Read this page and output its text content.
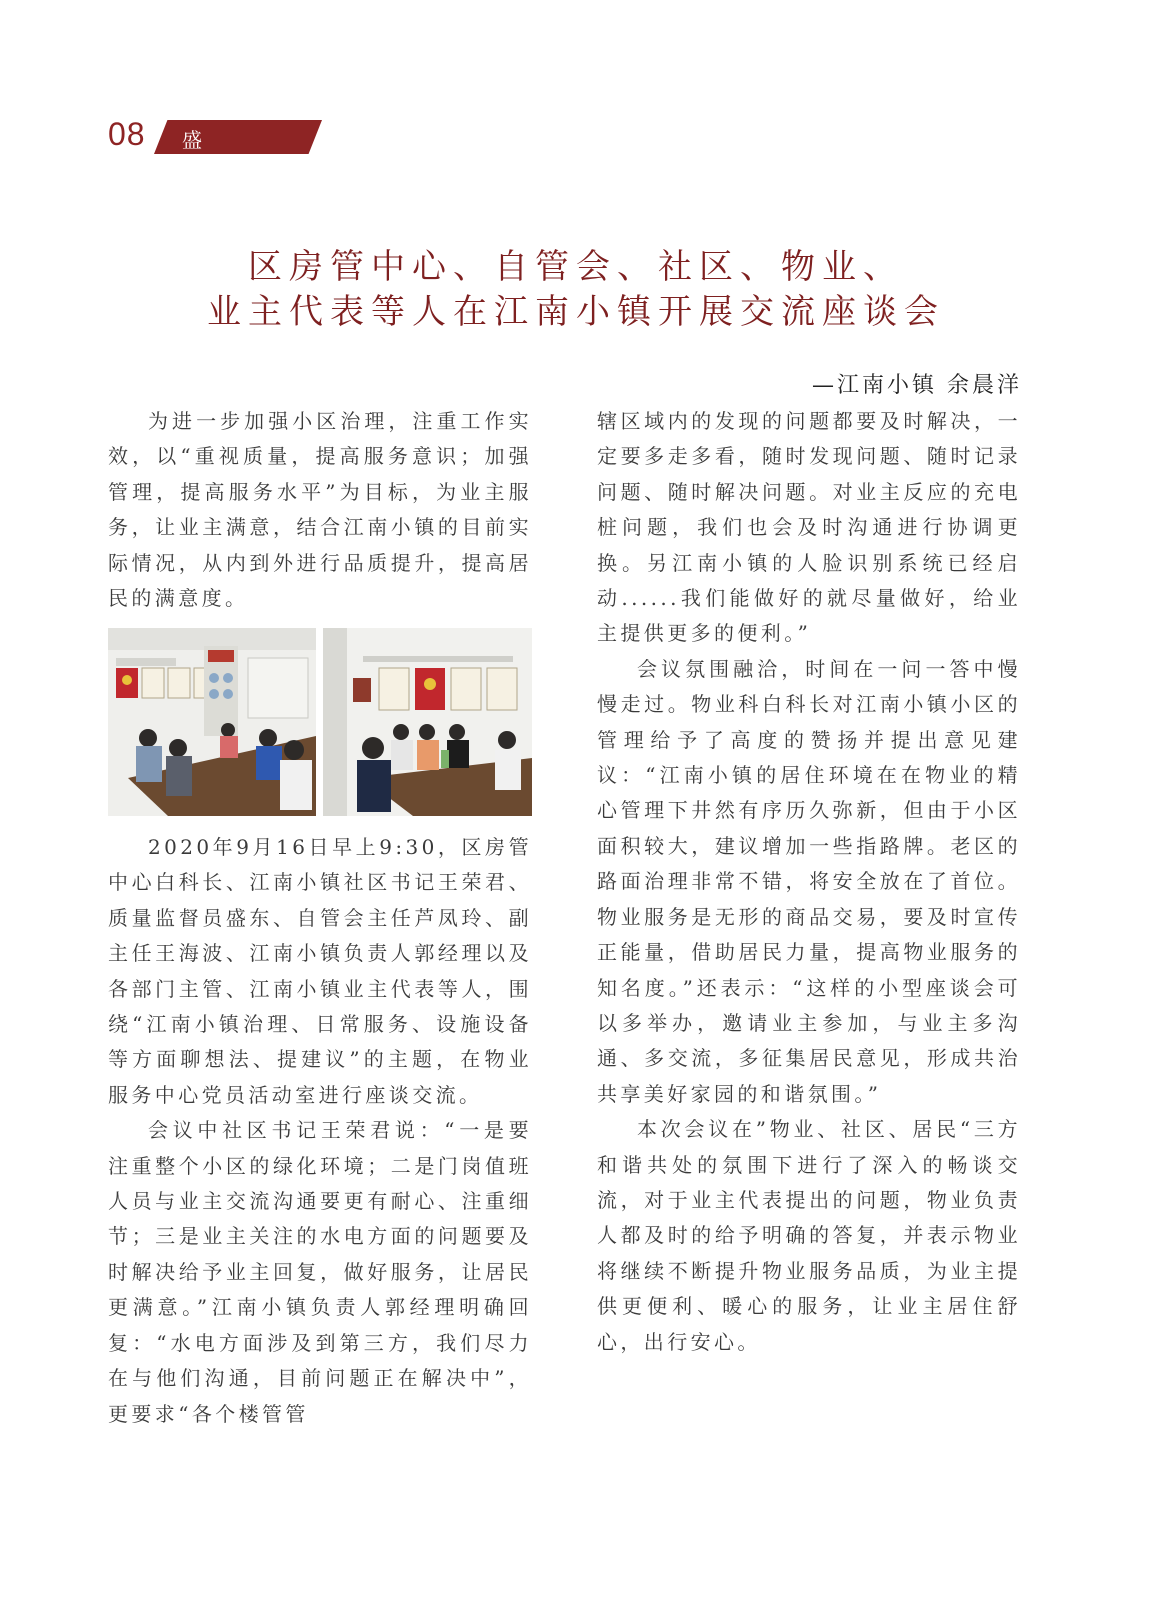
08 盛世物业
区房管中心、自管会、社区、物业、
业主代表等人在江南小镇开展交流座谈会
—江南小镇 余晨洋

为进一步加强小区治理，注重工作实效，以“重视质量，提高服务意识；加强管理，提高服务水平”为目标，为业主服务，让业主满意，结合江南小镇的目前实际情况，从内到外进行品质提升，提高居民的满意度。

2020年9月16日早上9:30，区房管中心白科长、江南小镇社区书记王荣君、质量监督员盛东、自管会主任芦凤玲、副主任王海波、江南小镇负责人郭经理以及各部门主管、江南小镇业主代表等人，围绕“江南小镇治理、日常服务、设施设备等方面聊想法、提建议”的主题，在物业服务中心党员活动室进行座谈交流。

会议中社区书记王荣君说：“一是要注重整个小区的绿化环境；二是门岗值班人员与业主交流沟通要更有耐心、注重细节；三是业主关注的水电方面的问题要及时解决给予业主回复，做好服务，让居民更满意。”江南小镇负责人郭经理明确回复：“水电方面涉及到第三方，我们尽力在与他们沟通，目前问题正在解决中”，更要求“各个楼管管

辖区域内的发现的问题都要及时解决，一定要多走多看，随时发现问题、随时记录问题、随时解决问题。对业主反应的充电桩问题，我们也会及时沟通进行协调更换。另江南小镇的人脸识别系统已经启动......我们能做好的就尽量做好，给业主提供更多的便利。”

会议氛围融洽，时间在一问一答中慢慢走过。物业科白科长对江南小镇小区的管理给予了高度的赞扬并提出意见建议：“江南小镇的居住环境在在物业的精心管理下井然有序历久弥新，但由于小区面积较大，建议增加一些指路牌。老区的路面治理非常不错，将安全放在了首位。物业服务是无形的商品交易，要及时宣传正能量，借助居民力量，提高物业服务的知名度。”还表示：“这样的小型座谈会可以多举办，邀请业主参加，与业主多沟通、多交流，多征集居民意见，形成共治共享美好家园的和谐氛围。”

本次会议在”物业、社区、居民“三方和谐共处的氛围下进行了深入的畅谈交流，对于业主代表提出的问题，物业负责人都及时的给予明确的答复，并表示物业将继续不断提升物业服务品质，为业主提供更便利、暖心的服务，让业主居住舒心，出行安心。
